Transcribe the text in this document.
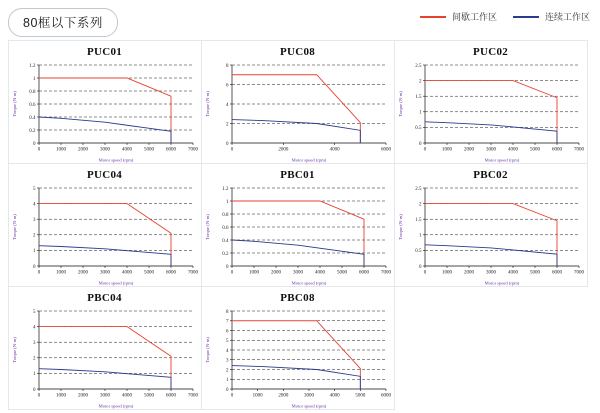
80框以下系列	间歇工作区	连续工作区
PUC01
0
0.2
0.4
0.6
0.8
1
1.2
0	1000 2000 3000 4000 5000 6000 7000
Motor speed (rpm)
Torque (N·m)
PUC08
0
2
4
6
8
0	2000	4000	6000
Motor speed (rpm)
Torque (N·m)
PUC02
0
0.5
1
1.5
2
2.5
0	1000 2000 3000 4000 5000 6000 7000
Motor speed (rpm)
Torque (N·m)
PUC04
0
1
2
3
4
5
0	1000 2000 3000 4000 5000 6000 7000
Motor speed (rpm)
Torque (N·m)
PBC01
0
0.2
0.4
0.6
0.8
1
1.2
0	1000 2000 3000 4000 5000 6000 7000
Motor speed (rpm)
Torque (N·m)
PBC02
0
0.5
1
1.5
2
2.5
0	1000 2000 3000 4000 5000 6000 7000
Motor speed (rpm)
Torque (N·m)
PBC04
0
1
2
3
4
5
0	1000 2000 3000 4000 5000 6000 7000
Motor speed (rpm)
Torque (N·m)
PBC08
0
1
2
3
4
5
6
7
8
0	1000	2000	3000	4000	5000	6000
Motor speed (rpm)
Torque (N·m)
